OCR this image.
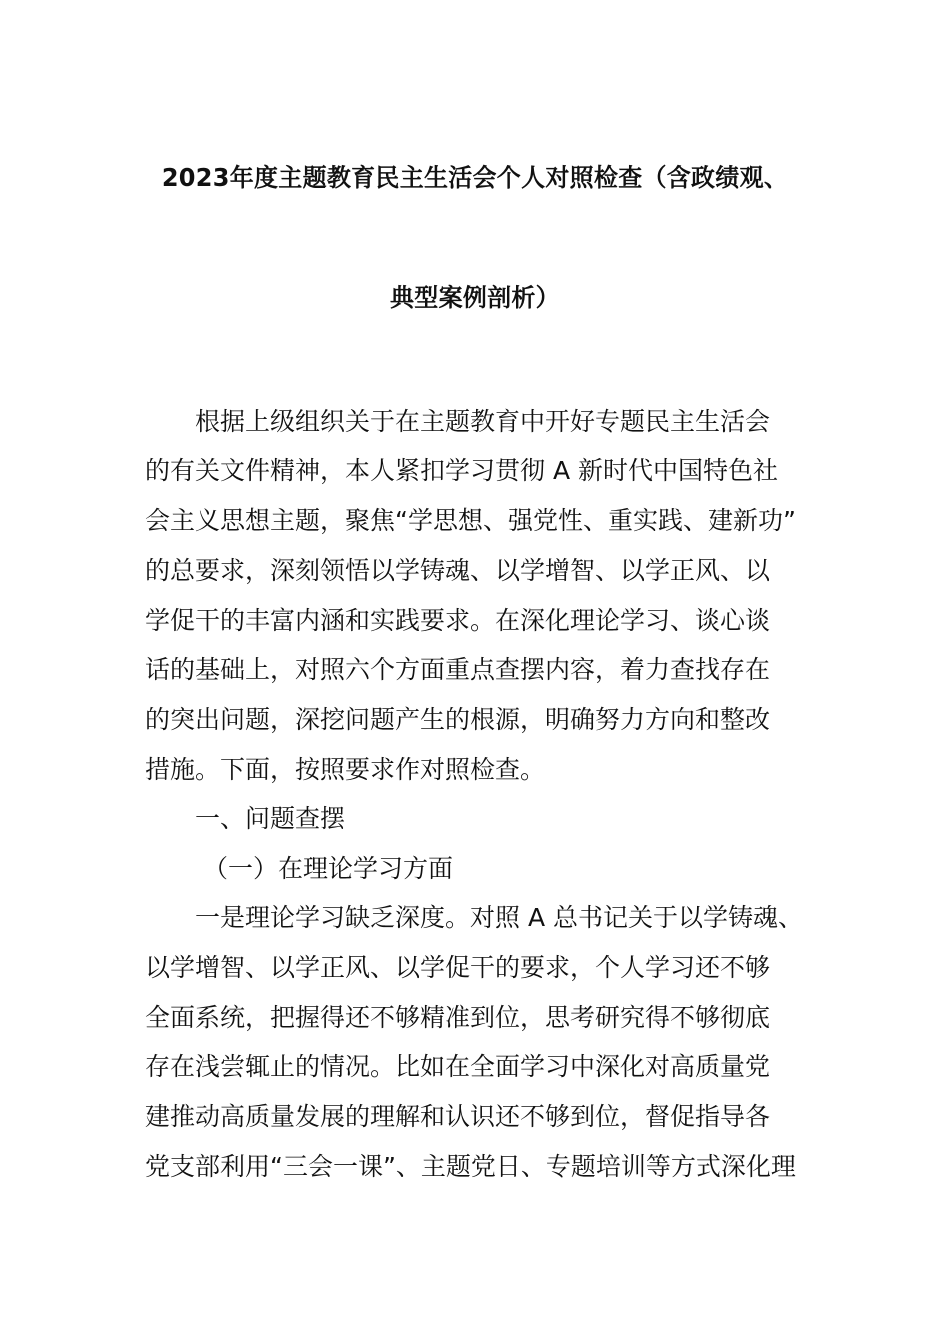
2023年度主题教育民主生活会个人对照检查（含政绩观、
典型案例剖析）
根据上级组织关于在主题教育中开好专题民主生活会
的有关文件精神，本人紧扣学习贯彻 A 新时代中国特色社
会主义思想主题，聚焦“学思想、强党性、重实践、建新功”
的总要求，深刻领悟以学铸魂、以学增智、以学正风、以
学促干的丰富内涵和实践要求。在深化理论学习、谈心谈
话的基础上，对照六个方面重点查摆内容，着力查找存在
的突出问题，深挖问题产生的根源，明确努力方向和整改
措施。下面，按照要求作对照检查。
一、问题查摆
（一）在理论学习方面
一是理论学习缺乏深度。对照 A 总书记关于以学铸魂、
以学增智、以学正风、以学促干的要求，个人学习还不够
全面系统，把握得还不够精准到位，思考研究得不够彻底
存在浅尝辄止的情况。比如在全面学习中深化对高质量党
建推动高质量发展的理解和认识还不够到位，督促指导各
党支部利用“三会一课”、主题党日、专题培训等方式深化理
